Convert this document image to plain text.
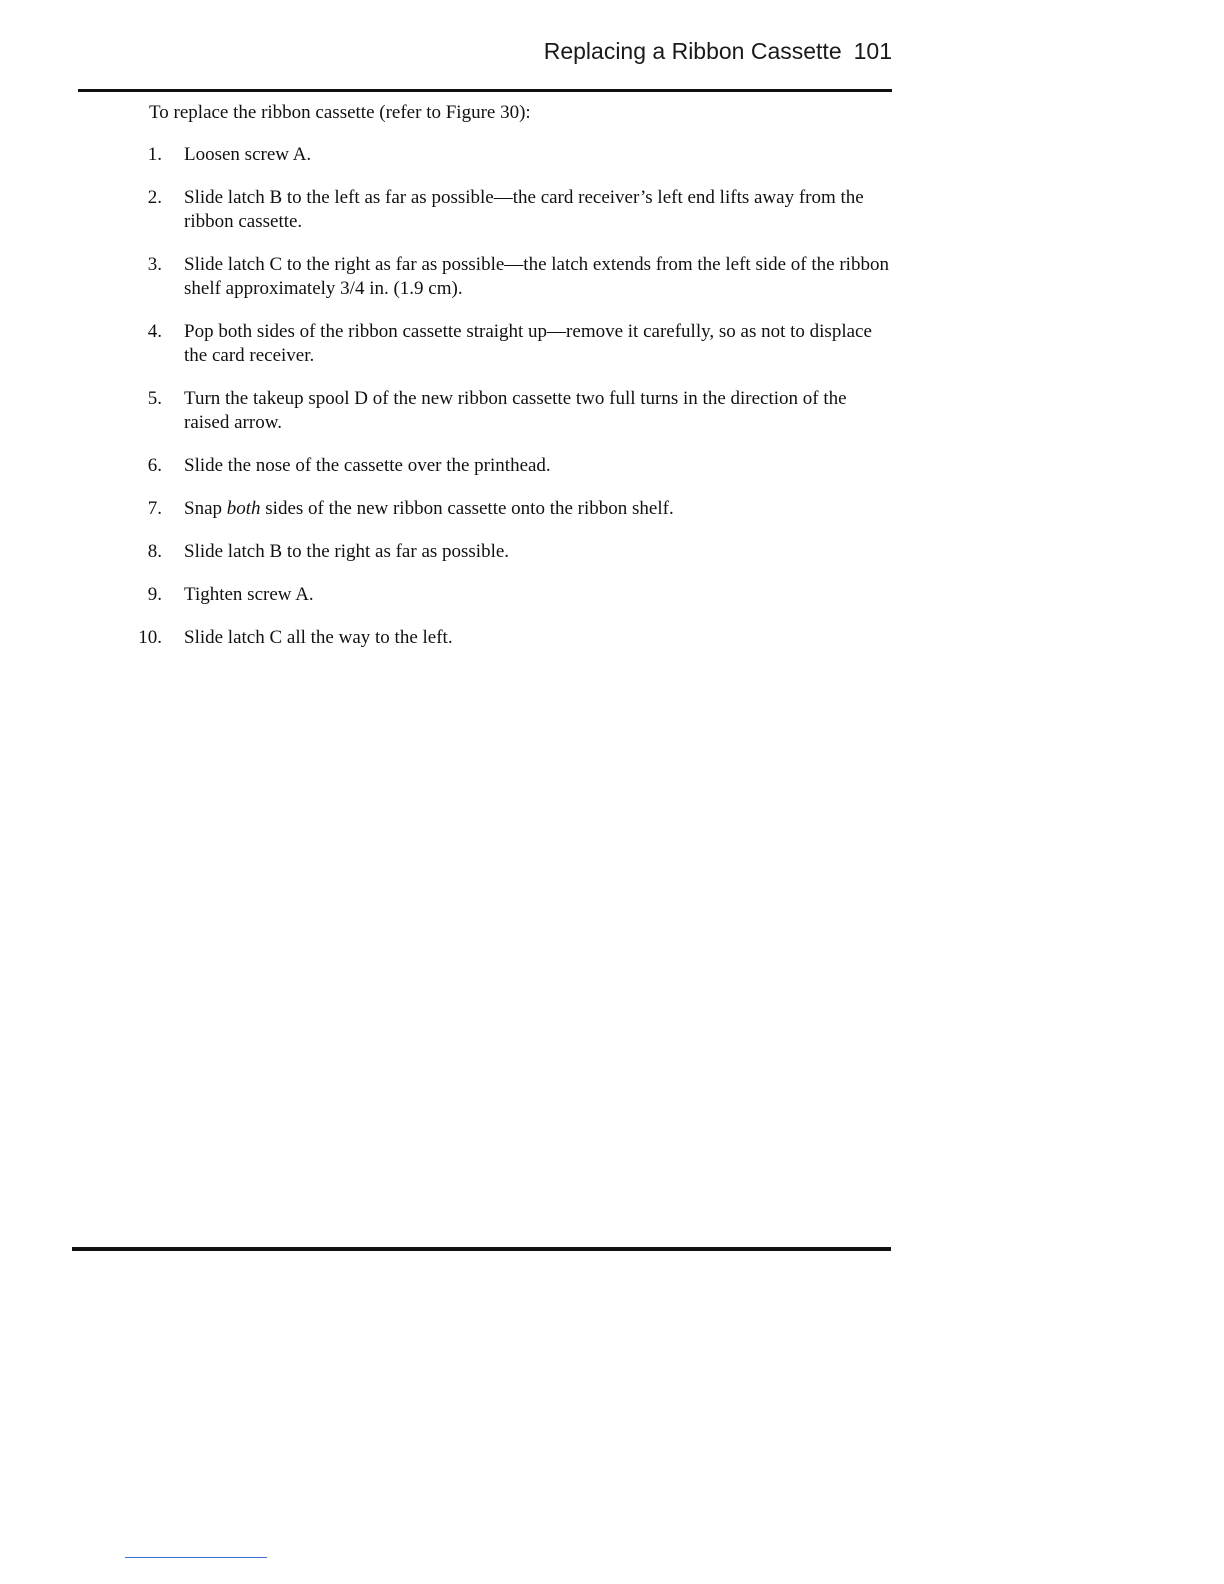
Replacing a Ribbon Cassette 101

To replace the ribbon cassette (refer to Figure 30):

1. Loosen screw A.
2. Slide latch B to the left as far as possible—the card receiver’s left end lifts away from the ribbon cassette.
3. Slide latch C to the right as far as possible—the latch extends from the left side of the ribbon shelf approximately 3/4 in. (1.9 cm).
4. Pop both sides of the ribbon cassette straight up—remove it carefully, so as not to displace the card receiver.
5. Turn the takeup spool D of the new ribbon cassette two full turns in the direction of the raised arrow.
6. Slide the nose of the cassette over the printhead.
7. Snap both sides of the new ribbon cassette onto the ribbon shelf.
8. Slide latch B to the right as far as possible.
9. Tighten screw A.
10. Slide latch C all the way to the left.
